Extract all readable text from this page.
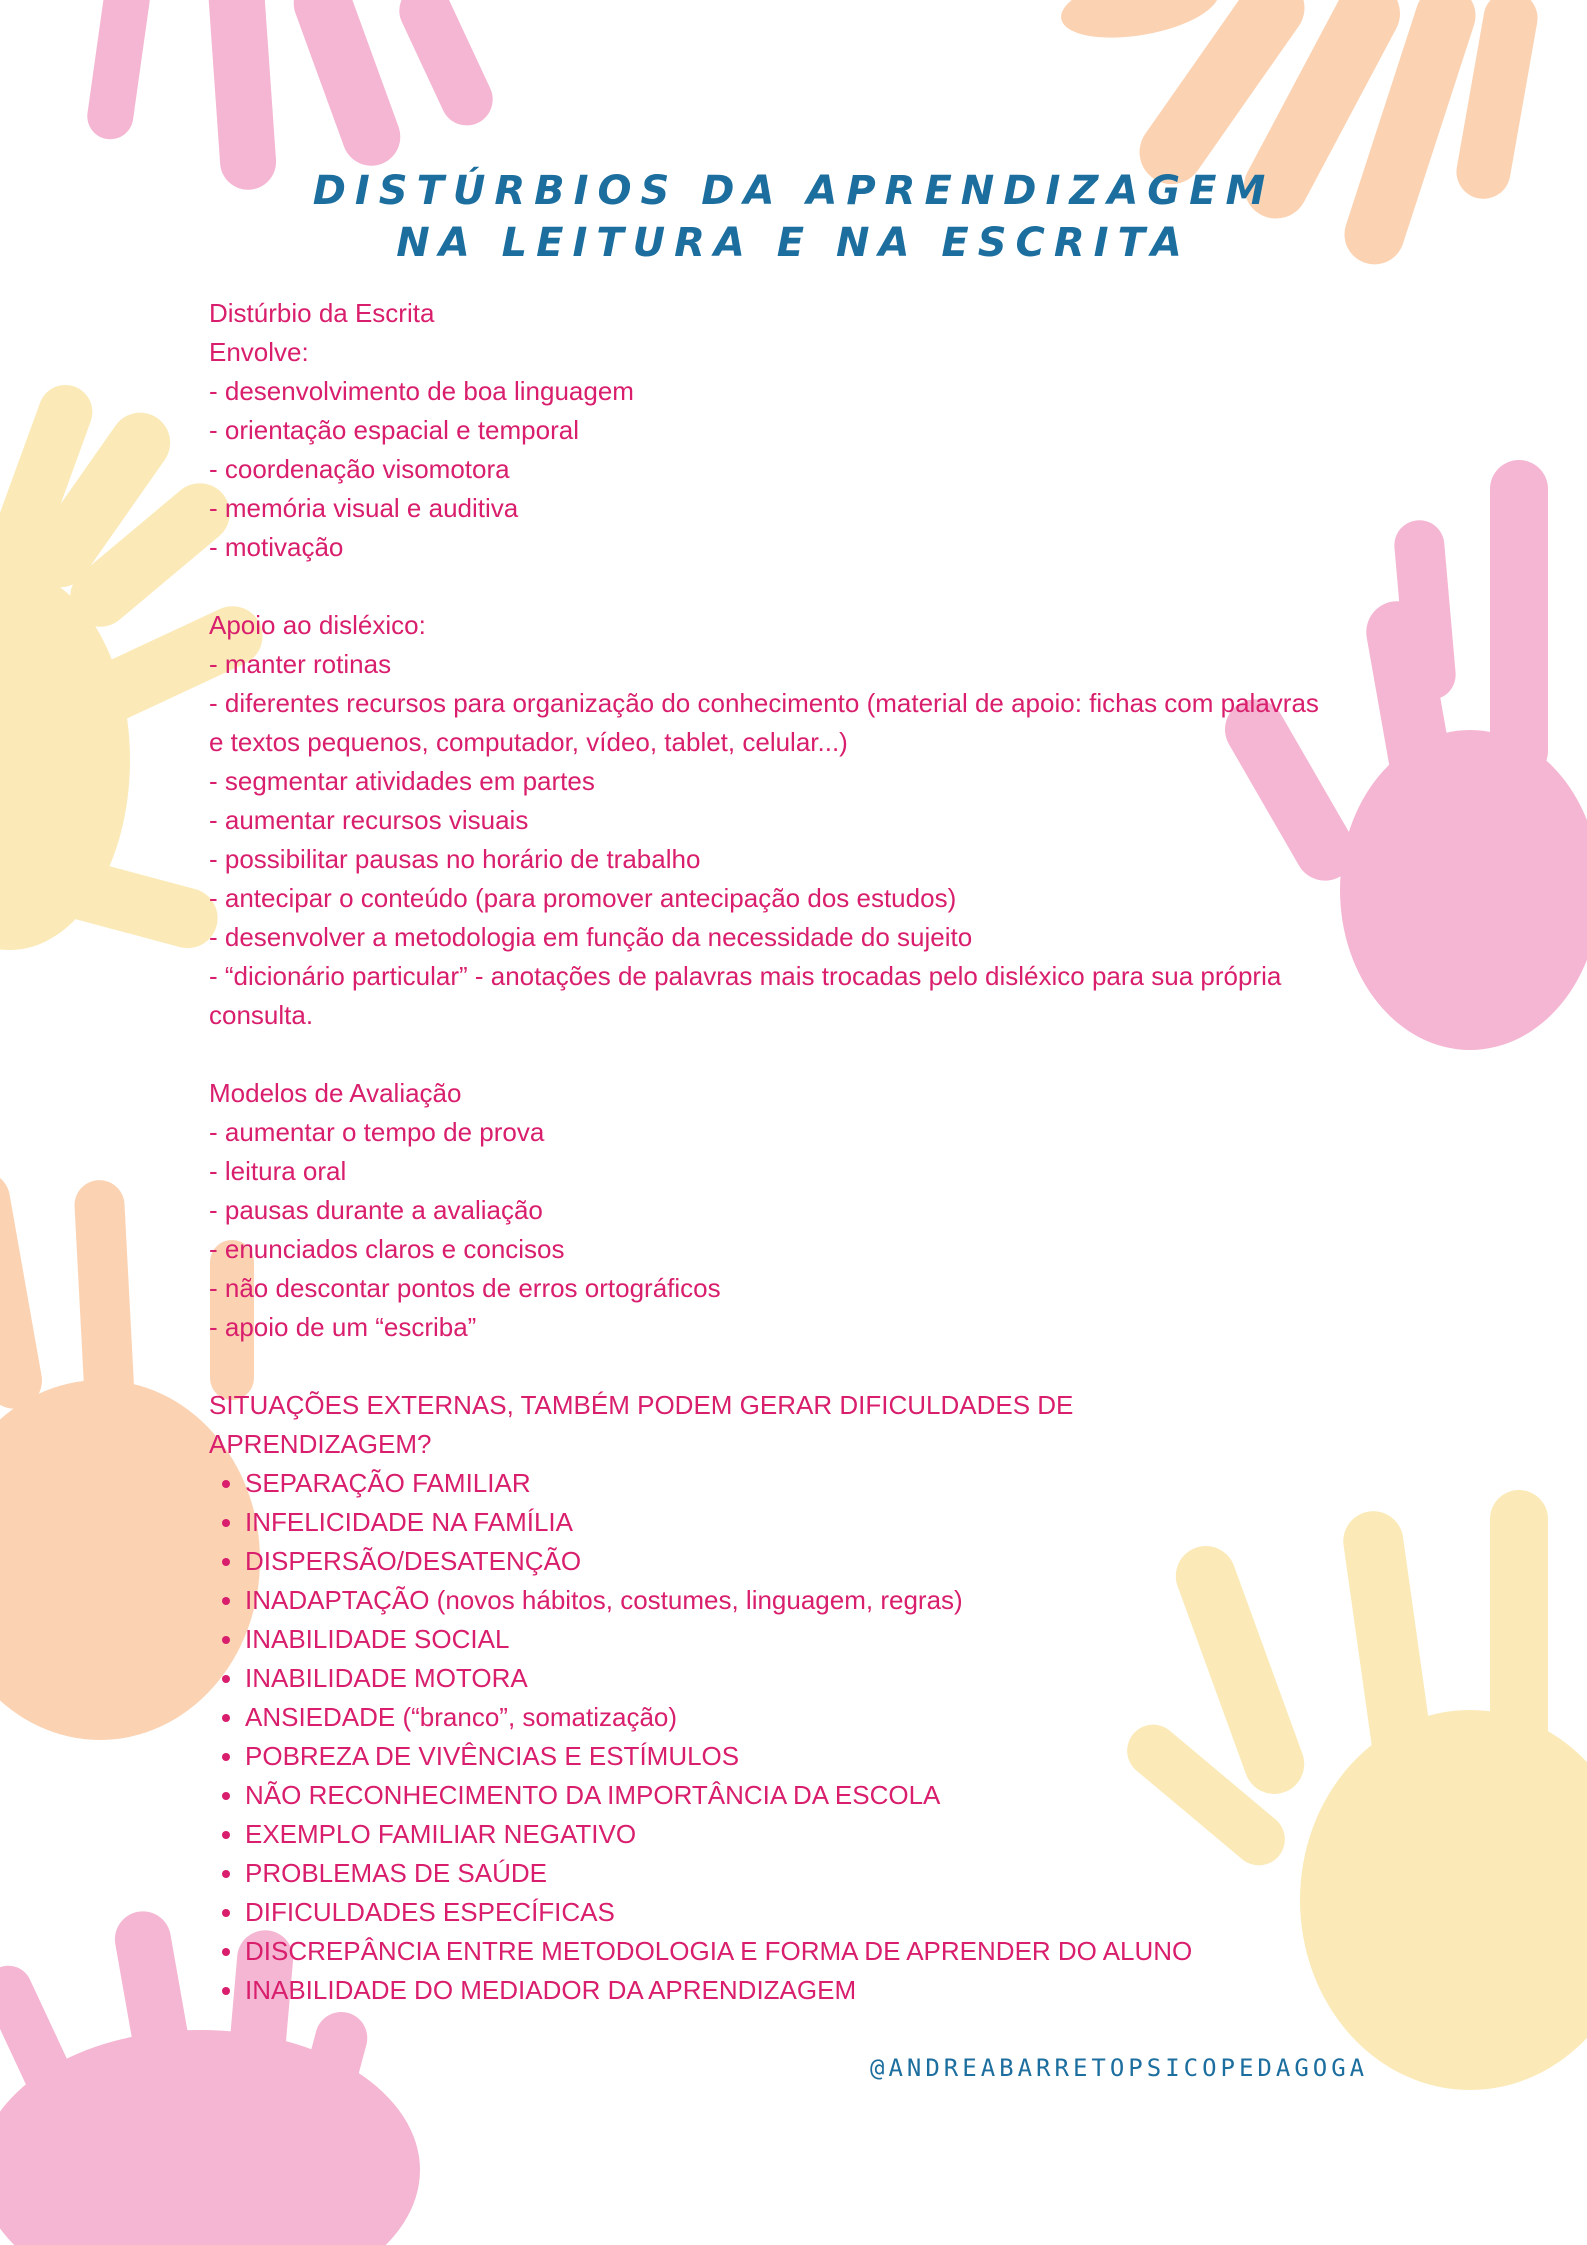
DISTÚRBIOS DA APRENDIZAGEM
NA LEITURA E NA ESCRITA
Distúrbio da Escrita
Envolve:
- desenvolvimento de boa linguagem
- orientação espacial e temporal
- coordenação visomotora
- memória visual e auditiva
- motivação
Apoio ao disléxico:
- manter rotinas
- diferentes recursos para organização do conhecimento (material de apoio: fichas com palavras e textos pequenos, computador, vídeo, tablet, celular...)
- segmentar atividades em partes
- aumentar recursos visuais
- possibilitar pausas no horário de trabalho
- antecipar o conteúdo (para promover antecipação dos estudos)
- desenvolver a metodologia em função da necessidade do sujeito
- “dicionário particular” - anotações de palavras mais trocadas pelo disléxico para sua própria consulta.
Modelos de Avaliação
- aumentar o tempo de prova
- leitura oral
- pausas durante a avaliação
- enunciados claros e concisos
- não descontar pontos de erros ortográficos
- apoio de um “escriba”
SITUAÇÕES EXTERNAS, TAMBÉM PODEM GERAR DIFICULDADES DE APRENDIZAGEM?
• SEPARAÇÃO FAMILIAR
• INFELICIDADE NA FAMÍLIA
• DISPERSÃO/DESATENÇÃO
• INADAPTAÇÃO (novos hábitos, costumes, linguagem, regras)
• INABILIDADE SOCIAL
• INABILIDADE MOTORA
• ANSIEDADE (“branco”, somatização)
• POBREZA DE VIVÊNCIAS E ESTÍMULOS
• NÃO RECONHECIMENTO DA IMPORTÂNCIA DA ESCOLA
• EXEMPLO FAMILIAR NEGATIVO
• PROBLEMAS DE SAÚDE
• DIFICULDADES ESPECÍFICAS
• DISCREPÂNCIA ENTRE METODOLOGIA E FORMA DE APRENDER DO ALUNO
• INABILIDADE DO MEDIADOR DA APRENDIZAGEM
@ANDREABARRETOPSICOPEDAGOGA
